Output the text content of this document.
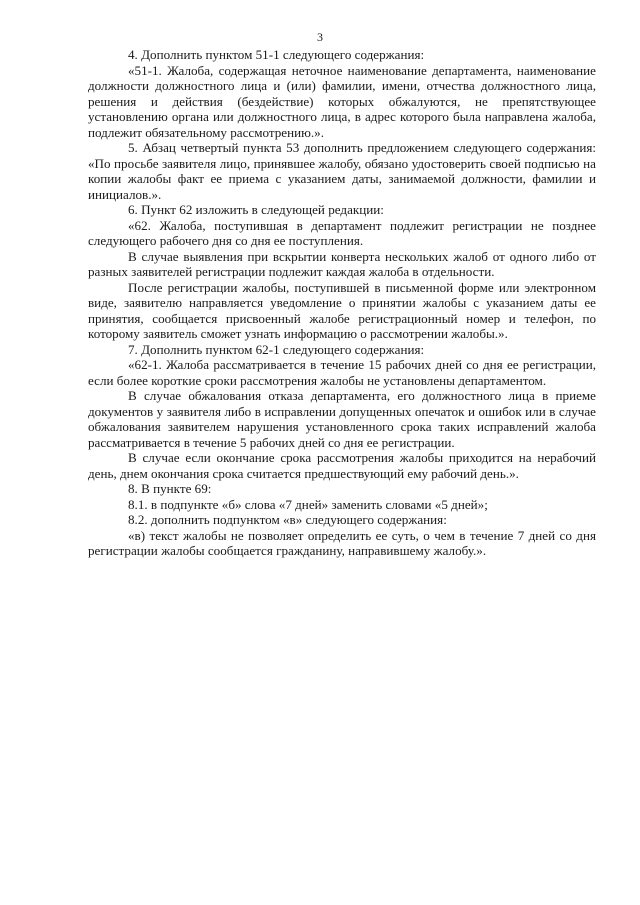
3

4. Дополнить пунктом 51-1 следующего содержания:

«51-1. Жалоба, содержащая неточное наименование департамента, наименование должности должностного лица и (или) фамилии, имени, отчества должностного лица, решения и действия (бездействие) которых обжалуются, не препятствующее установлению органа или должностного лица, в адрес которого была направлена жалоба, подлежит обязательному рассмотрению.».

5. Абзац четвертый пункта 53 дополнить предложением следующего содержания: «По просьбе заявителя лицо, принявшее жалобу, обязано удостоверить своей подписью на копии жалобы факт ее приема с указанием даты, занимаемой должности, фамилии и инициалов.».

6. Пункт 62 изложить в следующей редакции:

«62. Жалоба, поступившая в департамент подлежит регистрации не позднее следующего рабочего дня со дня ее поступления.

В случае выявления при вскрытии конверта нескольких жалоб от одного либо от разных заявителей регистрации подлежит каждая жалоба в отдельности.

После регистрации жалобы, поступившей в письменной форме или электронном виде, заявителю направляется уведомление о принятии жалобы с указанием даты ее принятия, сообщается присвоенный жалобе регистрационный номер и телефон, по которому заявитель сможет узнать информацию о рассмотрении жалобы.».

7. Дополнить пунктом 62-1 следующего содержания:

«62-1. Жалоба рассматривается в течение 15 рабочих дней со дня ее регистрации, если более короткие сроки рассмотрения жалобы не установлены департаментом.

В случае обжалования отказа департамента, его должностного лица в приеме документов у заявителя либо в исправлении допущенных опечаток и ошибок или в случае обжалования заявителем нарушения установленного срока таких исправлений жалоба рассматривается в течение 5 рабочих дней со дня ее регистрации.

В случае если окончание срока рассмотрения жалобы приходится на нерабочий день, днем окончания срока считается предшествующий ему рабочий день.».

8. В пункте 69:

8.1. в подпункте «б» слова «7 дней» заменить словами «5 дней»;

8.2. дополнить подпунктом «в» следующего содержания:

«в) текст жалобы не позволяет определить ее суть, о чем в течение 7 дней со дня регистрации жалобы сообщается гражданину, направившему жалобу.».
